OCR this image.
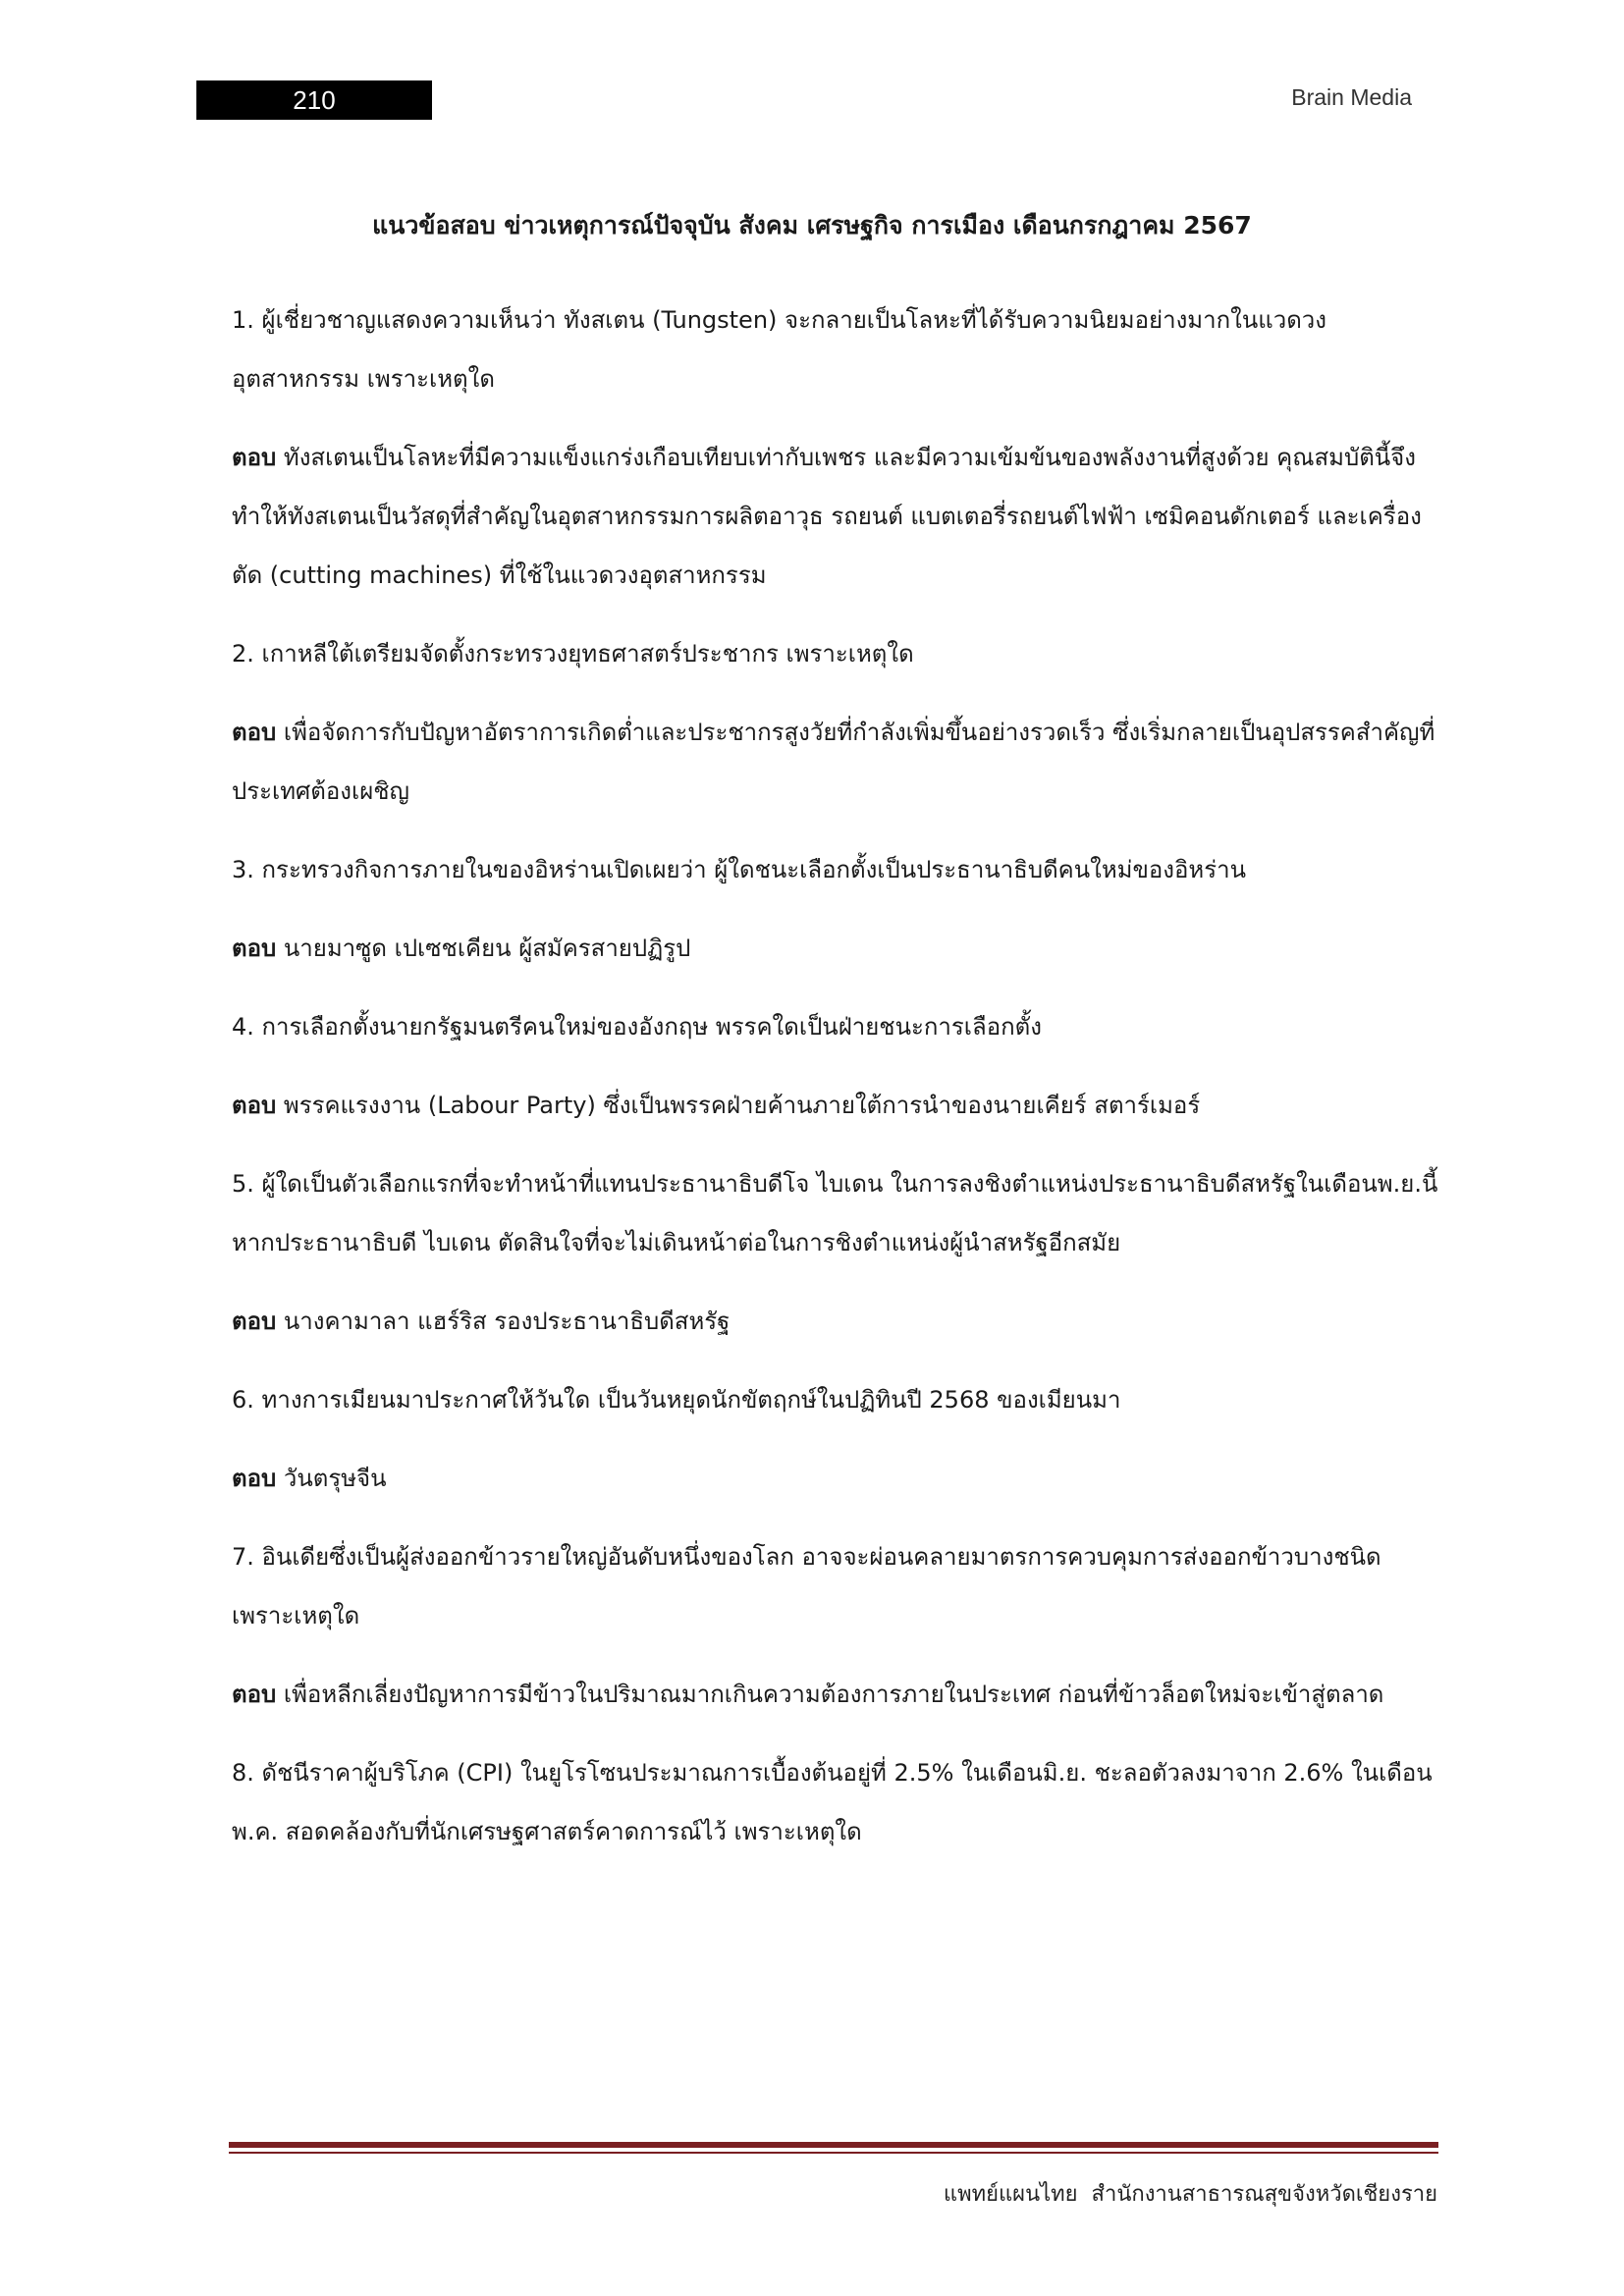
210	Brain Media
แนวข้อสอบ ข่าวเหตุการณ์ปัจจุบัน สังคม เศรษฐกิจ การเมือง เดือนกรกฎาคม 2567

1. ผู้เชี่ยวชาญแสดงความเห็นว่า ทังสเตน (Tungsten) จะกลายเป็นโลหะที่ได้รับความนิยมอย่างมากในแวดวงอุตสาหกรรม เพราะเหตุใด

ตอบ ทังสเตนเป็นโลหะที่มีความแข็งแกร่งเกือบเทียบเท่ากับเพชร และมีความเข้มข้นของพลังงานที่สูงด้วย คุณสมบัตินี้จึงทำให้ทังสเตนเป็นวัสดุที่สำคัญในอุตสาหกรรมการผลิตอาวุธ รถยนต์ แบตเตอรี่รถยนต์ไฟฟ้า เซมิคอนดักเตอร์ และเครื่องตัด (cutting machines) ที่ใช้ในแวดวงอุตสาหกรรม

2. เกาหลีใต้เตรียมจัดตั้งกระทรวงยุทธศาสตร์ประชากร เพราะเหตุใด

ตอบ เพื่อจัดการกับปัญหาอัตราการเกิดต่ำและประชากรสูงวัยที่กำลังเพิ่มขึ้นอย่างรวดเร็ว ซึ่งเริ่มกลายเป็นอุปสรรคสำคัญที่ประเทศต้องเผชิญ

3. กระทรวงกิจการภายในของอิหร่านเปิดเผยว่า ผู้ใดชนะเลือกตั้งเป็นประธานาธิบดีคนใหม่ของอิหร่าน

ตอบ นายมาซูด เปเซชเคียน ผู้สมัครสายปฏิรูป

4. การเลือกตั้งนายกรัฐมนตรีคนใหม่ของอังกฤษ พรรคใดเป็นฝ่ายชนะการเลือกตั้ง

ตอบ พรรคแรงงาน (Labour Party) ซึ่งเป็นพรรคฝ่ายค้านภายใต้การนำของนายเคียร์ สตาร์เมอร์

5. ผู้ใดเป็นตัวเลือกแรกที่จะทำหน้าที่แทนประธานาธิบดีโจ ไบเดน ในการลงชิงตำแหน่งประธานาธิบดีสหรัฐในเดือนพ.ย.นี้ หากประธานาธิบดี ไบเดน ตัดสินใจที่จะไม่เดินหน้าต่อในการชิงตำแหน่งผู้นำสหรัฐอีกสมัย

ตอบ นางคามาลา แฮร์ริส รองประธานาธิบดีสหรัฐ

6. ทางการเมียนมาประกาศให้วันใด เป็นวันหยุดนักขัตฤกษ์ในปฏิทินปี 2568 ของเมียนมา

ตอบ วันตรุษจีน

7. อินเดียซึ่งเป็นผู้ส่งออกข้าวรายใหญ่อันดับหนึ่งของโลก อาจจะผ่อนคลายมาตรการควบคุมการส่งออกข้าวบางชนิด เพราะเหตุใด

ตอบ เพื่อหลีกเลี่ยงปัญหาการมีข้าวในปริมาณมากเกินความต้องการภายในประเทศ ก่อนที่ข้าวล็อตใหม่จะเข้าสู่ตลาด

8. ดัชนีราคาผู้บริโภค (CPI) ในยูโรโซนประมาณการเบื้องต้นอยู่ที่ 2.5% ในเดือนมิ.ย. ชะลอตัวลงมาจาก 2.6% ในเดือนพ.ค. สอดคล้องกับที่นักเศรษฐศาสตร์คาดการณ์ไว้ เพราะเหตุใด

แพทย์แผนไทย  สำนักงานสาธารณสุขจังหวัดเชียงราย
